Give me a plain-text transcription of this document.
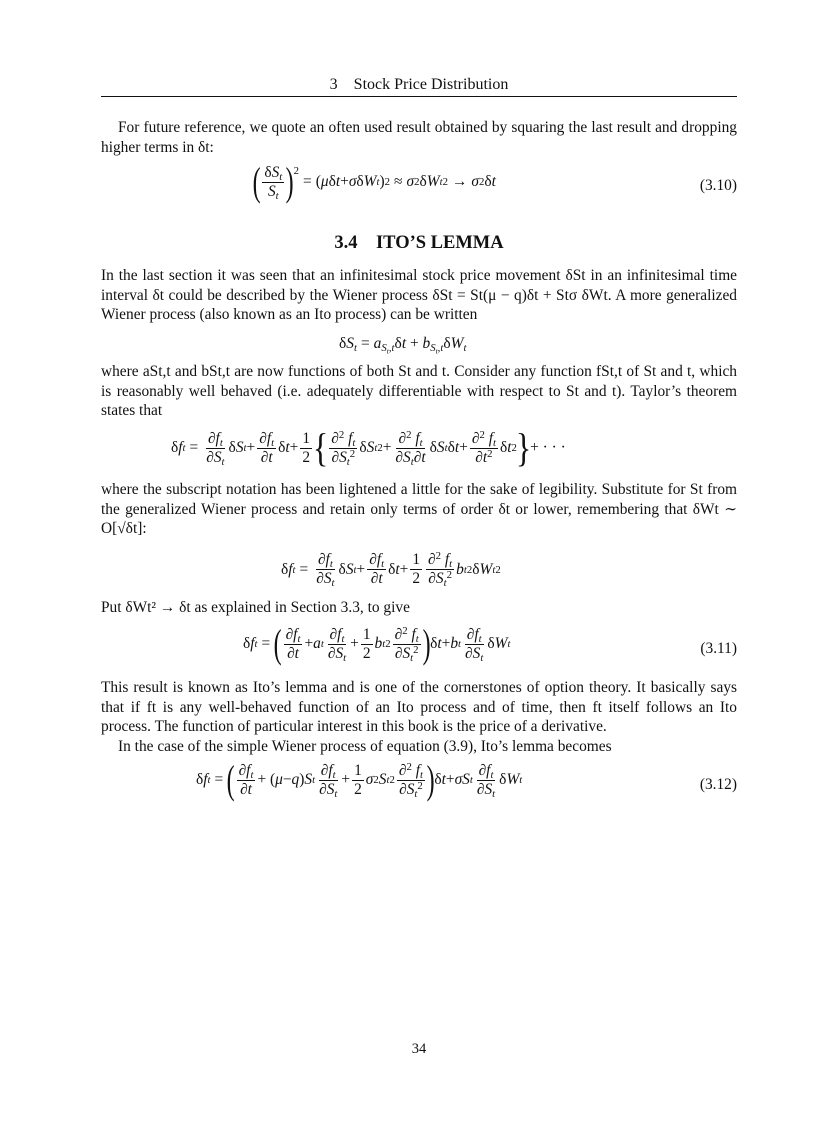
3 Stock Price Distribution

For future reference, we quote an often used result obtained by squaring the last result and dropping higher terms in δt:

( $\frac{\delta S_t}{S_t}$ ) 2
= ( μ δ t + σ δ W t ) 2 ≈ σ 2 δ W t 2 → σ 2 δ t	(3.10)
3.4 ITO’S LEMMA

In the last section it was seen that an infinitesimal stock price movement δSt in an infinitesimal time interval δt could be described by the Wiener process δSt = St(μ − q)δt + Stσ δWt. A more generalized Wiener process (also known as an Ito process) can be written

$\delta S_t = a_{S_t,t}\delta t + b_{S_t,t}\delta W_t$

where aSt,t and bSt,t are now functions of both St and t. Consider any function fSt,t of St and t, which is reasonably well behaved (i.e. adequately differentiable with respect to St and t). Taylor’s theorem states that

δ f $t = \frac{\partial f_t}{\partial S_t}$ δ S $t + \frac{\partial f_t}{\partial t}$ δ $t + \frac{1}{2}$ { $\frac{\partial^2 f_t}{\partial S_t^2}$ δ S t $2 + \frac{\partial^2 f_t}{\partial S_t\partial t}$ δ S t δ $t + \frac{\partial^2 f_t}{\partial t^2}$ δ t 2
}
+ · · ·

where the subscript notation has been lightened a little for the sake of legibility. Substitute for St from the generalized Wiener process and retain only terms of order δt or lower, remembering that δWt ∼ O[√δt]:

δ f $t = \frac{\partial f_t}{\partial S_t}$ δ S $t + \frac{\partial f_t}{\partial t}$ δ $t + \frac{1}{2} \frac{\partial^2 f_t}{\partial S_t^2}$ b t 2 δ W t 2

Put δWt² → δt as explained in Section 3.3, to give

δ f t = ( $\frac{\partial f_t}{\partial t} + a$ t $\frac{\partial f_t}{\partial S_t} + \frac{1}{2}$ b t $2 \frac{\partial^2 f_t}{\partial S_t^2}$ ) δ t + b t $\frac{\partial f_t}{\partial S_t}$ δ W t	(3.11)

This result is known as Ito’s lemma and is one of the cornerstones of option theory. It basically says that if ft is any well-behaved function of an Ito process and of time, then ft itself follows an Ito process. The function of particular interest in this book is the price of a derivative.

In the case of the simple Wiener process of equation (3.9), Ito’s lemma becomes

δ f t = ( $\frac{\partial f_t}{\partial t}$ + ( μ − q ) S t $\frac{\partial f_t}{\partial S_t} + \frac{1}{2}$ σ 2 S t $2 \frac{\partial^2 f_t}{\partial S_t^2}$ ) δ t + σ S t $\frac{\partial f_t}{\partial S_t}$ δ W t	(3.12)
34
